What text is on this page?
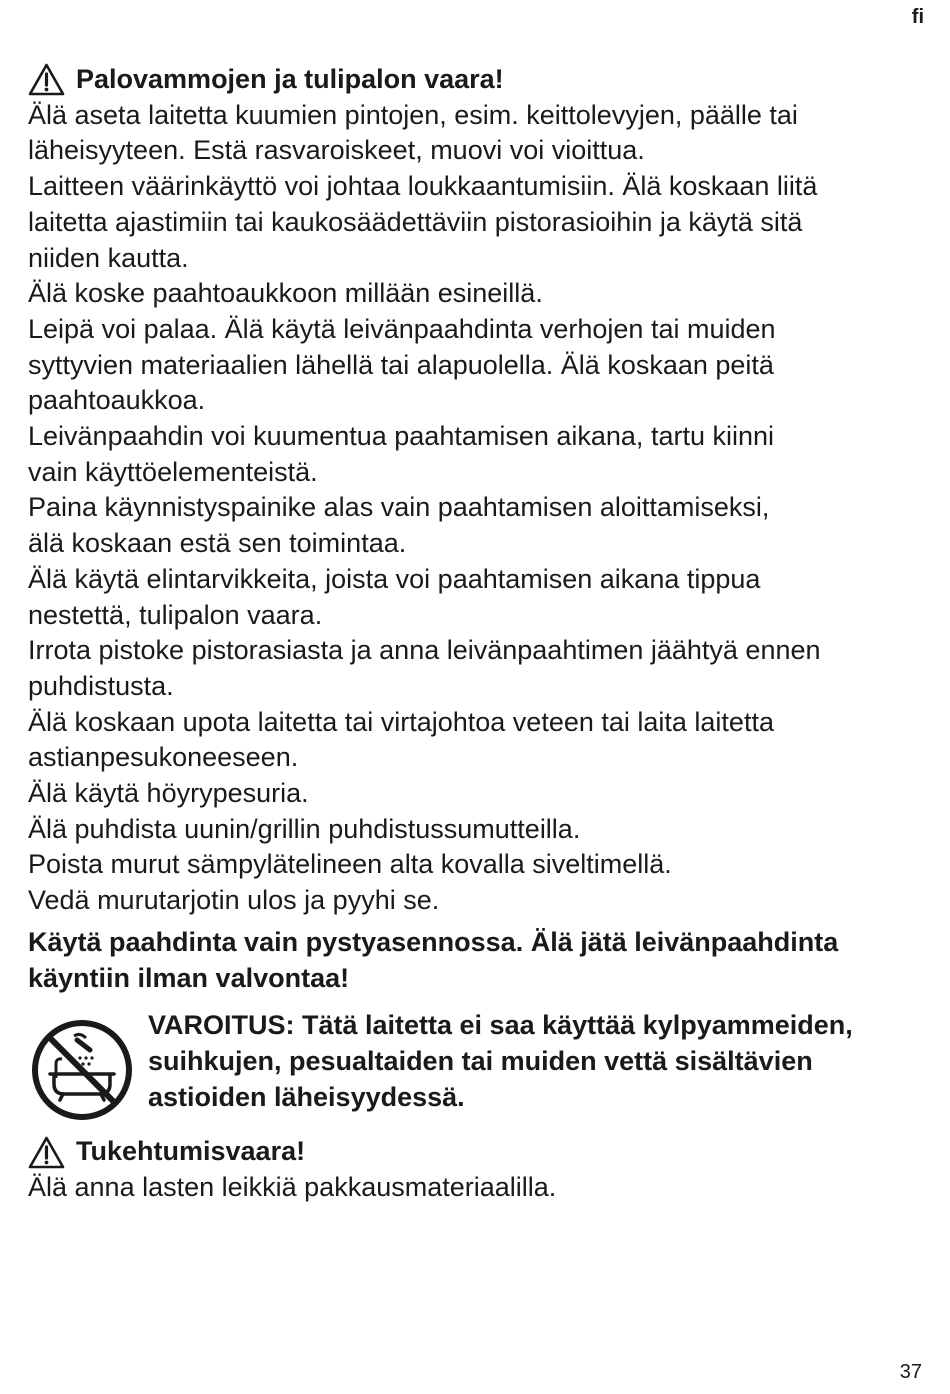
fi
Palovammojen ja tulipalon vaara!
Älä aseta laitetta kuumien pintojen, esim. keittolevyjen, päälle tai
läheisyyteen. Estä rasvaroiskeet, muovi voi vioittua.
Laitteen väärinkäyttö voi johtaa loukkaantumisiin. Älä koskaan liitä
laitetta ajastimiin tai kaukosäädettäviin pistorasioihin ja käytä sitä
niiden kautta.
Älä koske paahtoaukkoon millään esineillä.
Leipä voi palaa. Älä käytä leivänpaahdinta verhojen tai muiden
syttyvien materiaalien lähellä tai alapuolella. Älä koskaan peitä
paahtoaukkoa.
Leivänpaahdin voi kuumentua paahtamisen aikana, tartu kiinni
vain käyttöelementeistä.
Paina käynnistyspainike alas vain paahtamisen aloittamiseksi,
älä koskaan estä sen toimintaa.
Älä käytä elintarvikkeita, joista voi paahtamisen aikana tippua
nestettä, tulipalon vaara.
Irrota pistoke pistorasiasta ja anna leivänpaahtimen jäähtyä ennen
puhdistusta.
Älä koskaan upota laitetta tai virtajohtoa veteen tai laita laitetta
astianpesukoneeseen.
Älä käytä höyrypesuria.
Älä puhdista uunin/grillin puhdistussumutteilla.
Poista murut sämpylätelineen alta kovalla siveltimellä.
Vedä murutarjotin ulos ja pyyhi se.
Käytä paahdinta vain pystyasennossa. Älä jätä leivänpaahdinta
käyntiin ilman valvontaa!
VAROITUS: Tätä laitetta ei saa käyttää kylpyammeiden,
suihkujen, pesualtaiden tai muiden vettä sisältävien
astioiden läheisyydessä.
Tukehtumisvaara!
Älä anna lasten leikkiä pakkausmateriaalilla.
37
